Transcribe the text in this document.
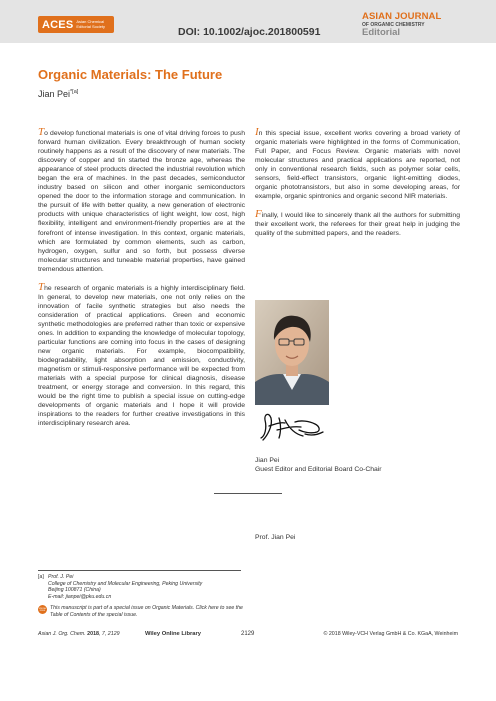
ACES Asian Chemical Editorial Society	DOI: 10.1002/ajoc.201800591
ASIAN JOURNAL
OF ORGANIC CHEMISTRY
Editorial
Organic Materials: The Future
Jian Pei$^{*[a]}$

To develop functional materials is one of vital driving forces to push forward human civilization. Every breakthrough of human society routinely happens as a result of the discovery of new materials. The discovery of copper and tin started the bronze age, whereas the appearance of steel products directed the industrial revolution which began the era of machines. In the past decades, semiconductor industry based on silicon and other inorganic semiconductors opened the door to the information storage and communication. In the pursuit of life with better quality, a new generation of electronic products with unique characteristics of light weight, low cost, high flexibility, intelligent and environment-friendly properties are at the forefront of intense investigation. In this context, organic materials, which are formulated by common elements, such as carbon, hydrogen, oxygen, sulfur and so forth, but possess diverse molecular structures and tuneable material properties, have gained tremendous attention.

The research of organic materials is a highly interdisciplinary field. In general, to develop new materials, one not only relies on the innovation of facile synthetic strategies but also needs the consideration of practical applications. Green and economic synthetic methodologies are preferred rather than toxic or expensive ones. In addition to expanding the knowledge of molecular topology, particular functions are coming into focus in the cases of designing new organic materials. For example, biocompatibility, biodegradability, light absorption and emission, conductivity, magnetism or stimuli-responsive performance will be expected from materials with a special purpose for clinical diagnosis, disease treatment, or energy storage and conversion. In this regard, this would be the right time to publish a special issue on cutting-edge developments of organic materials and I hope it will provide inspirations to the readers for further creative investigations in this interdisciplinary research area.

In this special issue, excellent works covering a broad variety of organic materials were highlighted in the forms of Communication, Full Paper, and Focus Review. Organic materials with novel molecular structures and practical applications are reported, not only in conventional research fields, such as polymer solar cells, sensors, field-effect transistors, organic light-emitting diodes, organic phototransistors, but also in some developing areas, for example, organic spintronics and organic second NIR materials.

Finally, I would like to sincerely thank all the authors for submitting their excellent work, the referees for their great help in judging the quality of the submitted papers, and the readers.

Jian Pei
Guest Editor and Editorial Board Co-Chair
Prof. Jian Pei
[a] Prof. J. Pei
College of Chemistry and Molecular Engineering, Peking University
Beijing 100871 (China)
E-mail: jianpei@pku.edu.cn
SPECIAL ISSUE This manuscript is part of a special issue on Organic Materials. Click here to see the Table of Contents of the special issue.
Asian J. Org. Chem. 2018, 7, 2129	Wiley Online Library	2129	© 2018 Wiley-VCH Verlag GmbH & Co. KGaA, Weinheim
